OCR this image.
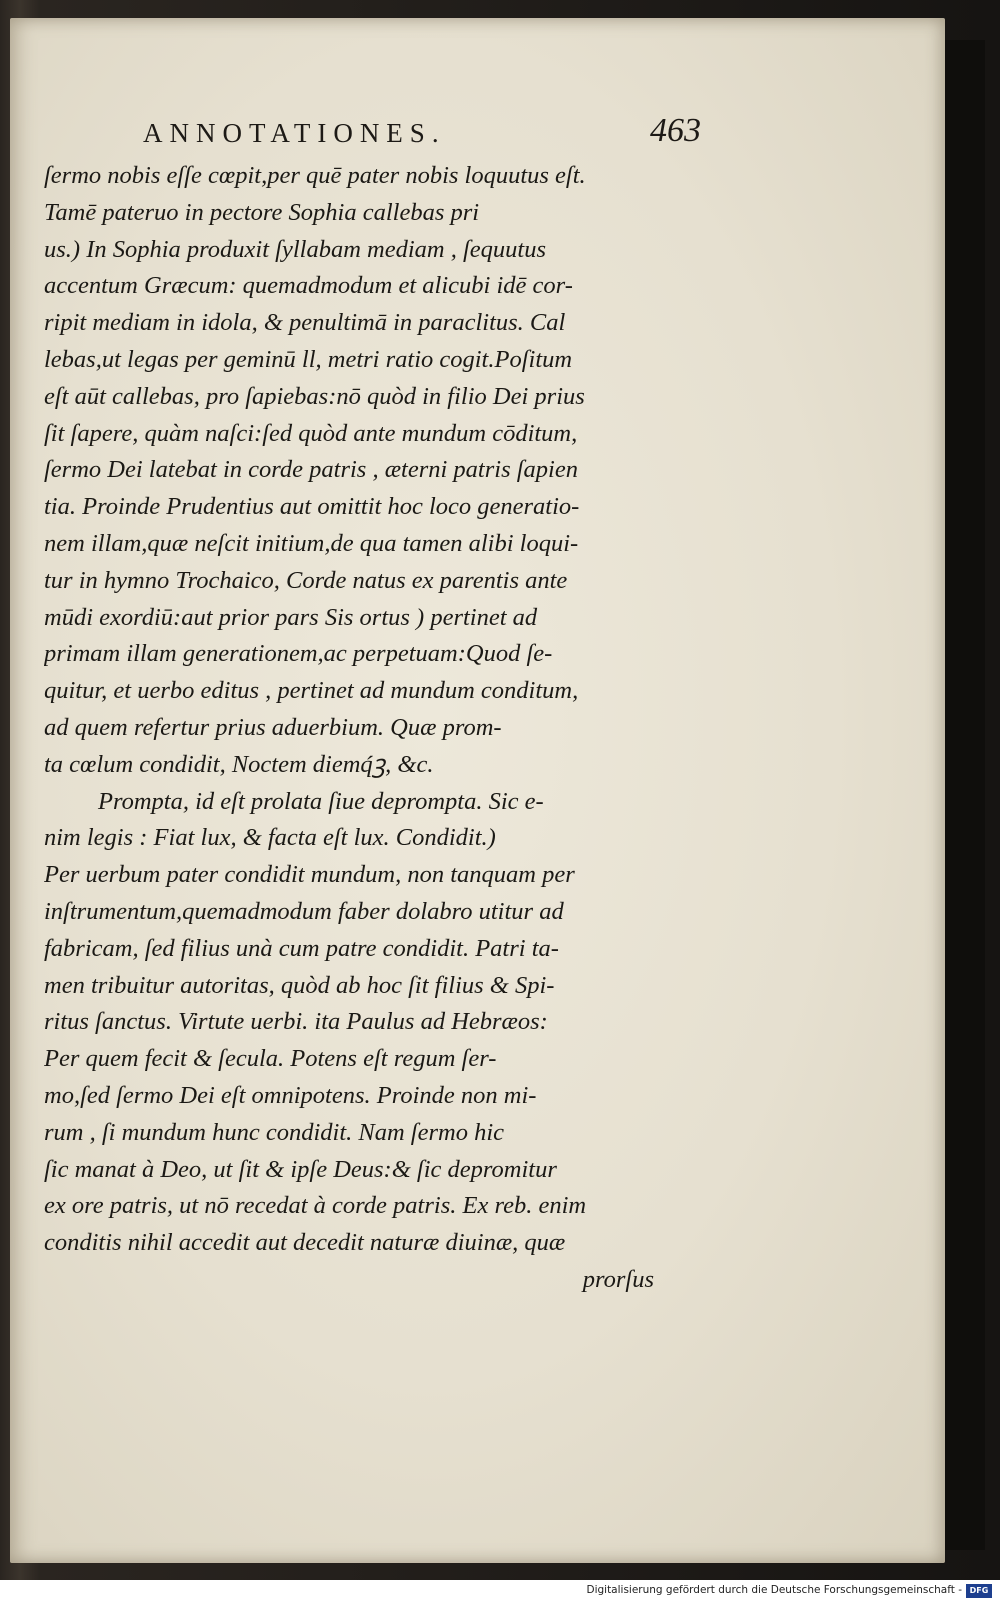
ANNOTATIONES.	463
ſermo nobis eſſe cœpit,per quē pater nobis loquutus eſt.
Tamē pateruo in pectore Sophia callebas pri
us.) In Sophia produxit ſyllabam mediam , ſequutus
accentum Græcum: quemadmodum et alicubi idē cor-
ripit mediam in idola, & penultimā in paraclitus. Cal
lebas,ut legas per geminū ll, metri ratio cogit.Poſitum
eſt aūt callebas, pro ſapiebas:nō quòd in filio Dei prius
ſit ſapere, quàm naſci:ſed quòd ante mundum cōditum,
ſermo Dei latebat in corde patris , æterni patris ſapien
tia. Proinde Prudentius aut omittit hoc loco generatio-
nem illam,quæ neſcit initium,de qua tamen alibi loqui-
tur in hymno Trochaico, Corde natus ex parentis ante
mūdi exordiū:aut prior pars Sis ortus ) pertinet ad
primam illam generationem,ac perpetuam:Quod ſe-
quitur, et uerbo editus , pertinet ad mundum conditum,
ad quem refertur prius aduerbium. Quæ prom-
ta cœlum condidit, Noctem diemq́ꝫ, &c.
Prompta, id eſt prolata ſiue deprompta. Sic e-
nim legis : Fiat lux, & facta eſt lux. Condidit.)
Per uerbum pater condidit mundum, non tanquam per
inſtrumentum,quemadmodum faber dolabro utitur ad
fabricam, ſed filius unà cum patre condidit. Patri ta-
men tribuitur autoritas, quòd ab hoc ſit filius & Spi-
ritus ſanctus. Virtute uerbi. ita Paulus ad Hebræos:
Per quem fecit & ſecula. Potens eſt regum ſer-
mo,ſed ſermo Dei eſt omnipotens. Proinde non mi-
rum , ſi mundum hunc condidit. Nam ſermo hic
ſic manat à Deo, ut ſit & ipſe Deus:& ſic depromitur
ex ore patris, ut nō recedat à corde patris. Ex reb. enim
conditis nihil accedit aut decedit naturæ diuinæ, quæ
prorſus
Digitalisierung gefördert durch die Deutsche Forschungsgemeinschaft - DFG
